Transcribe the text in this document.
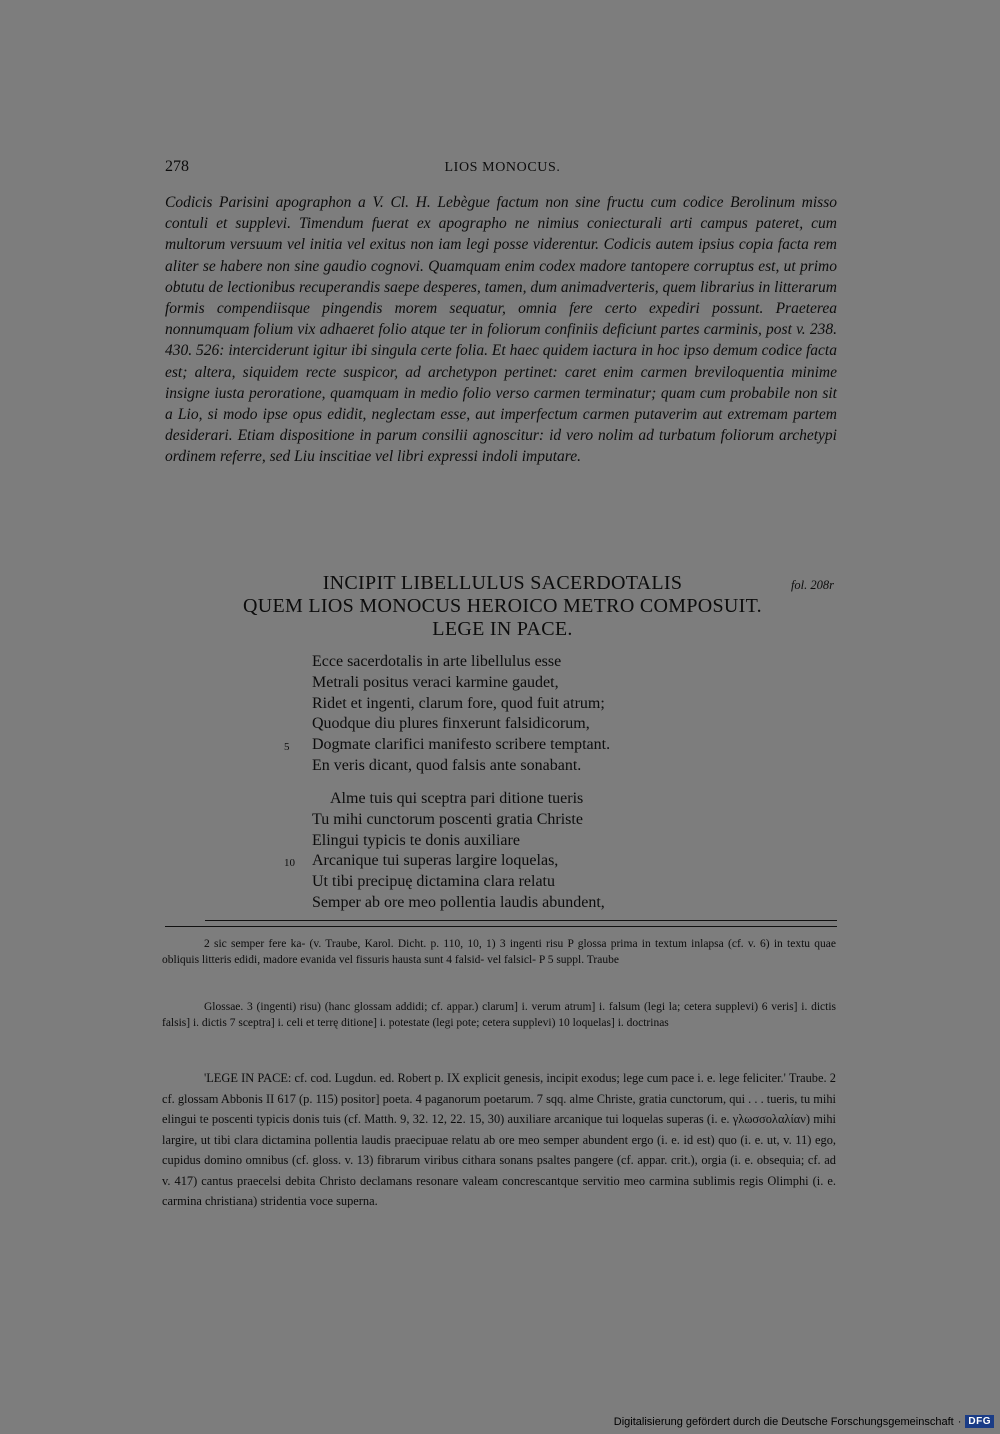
278	LIOS MONOCUS.

Codicis Parisini apographon a V. Cl. H. Lebègue factum non sine fructu cum codice Berolinum misso contuli et supplevi. Timendum fuerat ex apographo ne nimius coniecturali arti campus pateret, cum multorum versuum vel initia vel exitus non iam legi posse viderentur. Codicis autem ipsius copia facta rem aliter se habere non sine gaudio cognovi. Quamquam enim codex madore tantopere corruptus est, ut primo obtutu de lectionibus recuperandis saepe desperes, tamen, dum animadverteris, quem librarius in litterarum formis compendiisque pingendis morem sequatur, omnia fere certo expediri possunt. Praeterea nonnumquam folium vix adhaeret folio atque ter in foliorum confiniis deficiunt partes carminis, post v. 238. 430. 526: interciderunt igitur ibi singula certe folia. Et haec quidem iactura in hoc ipso demum codice facta est; altera, siquidem recte suspicor, ad archetypon pertinet: caret enim carmen breviloquentia minime insigne iusta peroratione, quamquam in medio folio verso carmen terminatur; quam cum probabile non sit a Lio, si modo ipse opus edidit, neglectam esse, aut imperfectum carmen putaverim aut extremam partem desiderari. Etiam dispositione in parum consilii agnoscitur: id vero nolim ad turbatum foliorum archetypi ordinem referre, sed Liu inscitiae vel libri expressi indoli imputare.

INCIPIT LIBELLULUS SACERDOTALIS
QUEM LIOS MONOCUS HEROICO METRO COMPOSUIT.
LEGE IN PACE.
fol. 208r
Ecce sacerdotalis in arte libellulus esse
Metrali positus veraci karmine gaudet,
Ridet et ingenti, clarum fore, quod fuit atrum;
Quodque diu plures finxerunt falsidicorum,
5 Dogmate clarifici manifesto scribere temptant.
En veris dicant, quod falsis ante sonabant.
Alme tuis qui sceptra pari ditione tueris
Tu mihi cunctorum poscenti gratia Christe
Elingui typicis te donis auxiliare
10 Arcanique tui superas largire loquelas,
Ut tibi precipuę dictamina clara relatu
Semper ab ore meo pollentia laudis abundent,

2 sic semper fere ka- (v. Traube, Karol. Dicht. p. 110, 10, 1) 3 ingenti risu P glossa prima in textum inlapsa (cf. v. 6) in textu quae obliquis litteris edidi, madore evanida vel fissuris hausta sunt 4 falsid- vel falsicl- P 5 suppl. Traube

Glossae. 3 (ingenti) risu) (hanc glossam addidi; cf. appar.) clarum] i. verum atrum] i. falsum (legi la; cetera supplevi) 6 veris] i. dictis falsis] i. dictis 7 sceptra] i. celi et terrę ditione] i. potestate (legi pote; cetera supplevi) 10 loquelas] i. doctrinas

'LEGE IN PACE: cf. cod. Lugdun. ed. Robert p. IX explicit genesis, incipit exodus; lege cum pace i. e. lege feliciter.' Traube. 2 cf. glossam Abbonis II 617 (p. 115) positor] poeta. 4 paganorum poetarum. 7 sqq. alme Christe, gratia cunctorum, qui . . . tueris, tu mihi elingui te poscenti typicis donis tuis (cf. Matth. 9, 32. 12, 22. 15, 30) auxiliare arcanique tui loquelas superas (i. e. γλωσσολαλίαν) mihi largire, ut tibi clara dictamina pollentia laudis praecipuae relatu ab ore meo semper abundent ergo (i. e. id est) quo (i. e. ut, v. 11) ego, cupidus domino omnibus (cf. gloss. v. 13) fibrarum viribus cithara sonans psaltes pangere (cf. appar. crit.), orgia (i. e. obsequia; cf. ad v. 417) cantus praecelsi debita Christo declamans resonare valeam concrescantque servitio meo carmina sublimis regis Olimphi (i. e. carmina christiana) stridentia voce superna.

Digitalisierung gefördert durch die Deutsche Forschungsgemeinschaft · DFG
